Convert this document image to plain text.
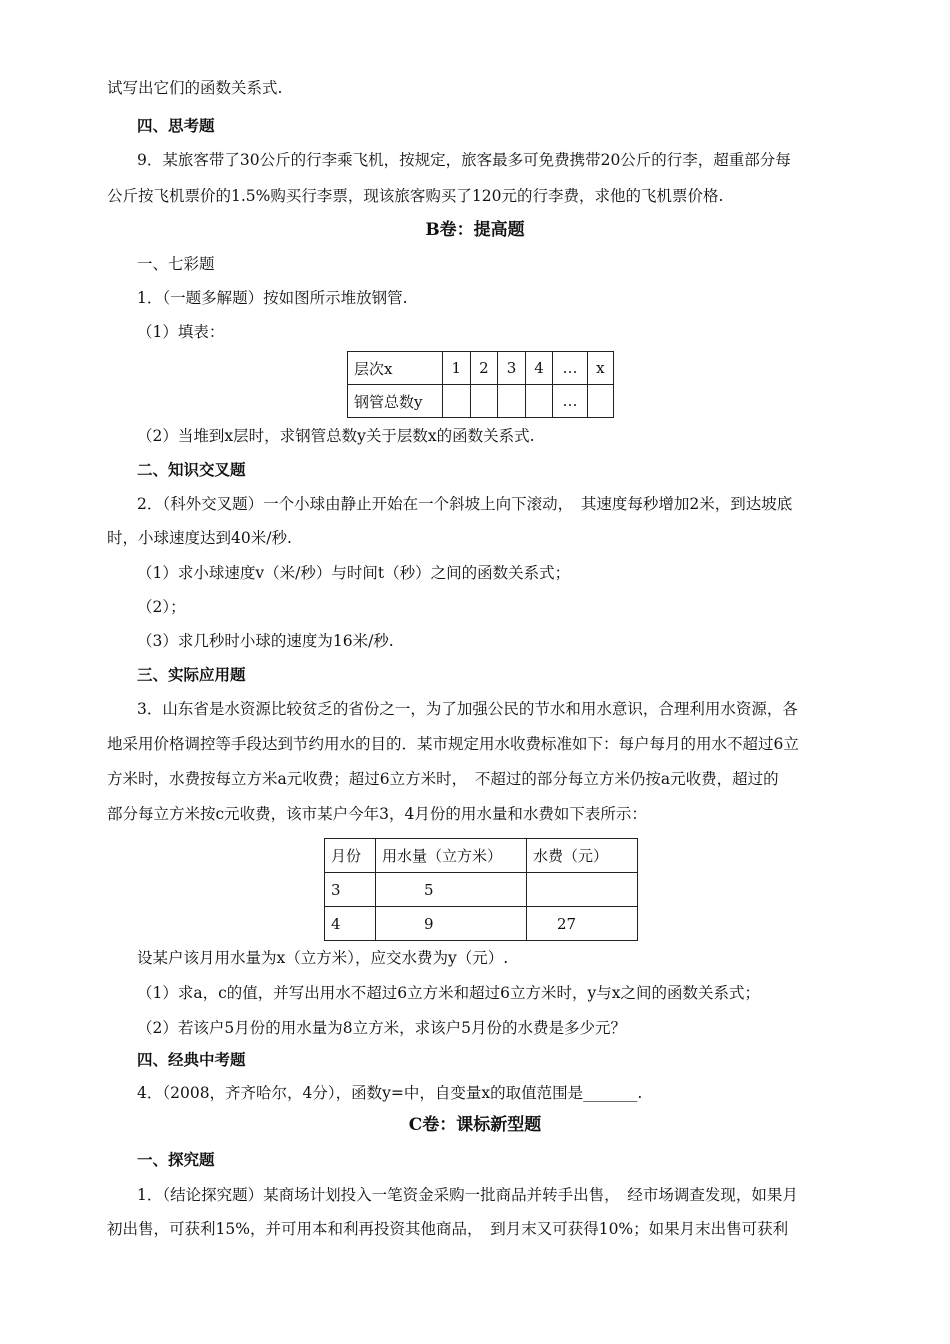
试写出它们的函数关系式.
四、思考题
9．某旅客带了30公斤的行李乘飞机，按规定，旅客最多可免费携带20公斤的行李，超重部分每
公斤按飞机票价的1.5%购买行李票，现该旅客购买了120元的行李费，求他的飞机票价格.
B卷：提高题
一、七彩题
1．（一题多解题）按如图所示堆放钢管.
（1）填表：
层次x	1	2	3	4	…	x
钢管总数y					…	
（2）当堆到x层时，求钢管总数y关于层数x的函数关系式.
二、知识交叉题
2．（科外交叉题）一个小球由静止开始在一个斜坡上向下滚动，　其速度每秒增加2米，到达坡底
时，小球速度达到40米/秒.
（1）求小球速度v（米/秒）与时间t（秒）之间的函数关系式；
（2）；
（3）求几秒时小球的速度为16米/秒.
三、实际应用题
3．山东省是水资源比较贫乏的省份之一，为了加强公民的节水和用水意识，合理利用水资源，各
地采用价格调控等手段达到节约用水的目的．某市规定用水收费标准如下：每户每月的用水不超过6立
方米时，水费按每立方米a元收费；超过6立方米时，　不超过的部分每立方米仍按a元收费，超过的
部分每立方米按c元收费，该市某户今年3，4月份的用水量和水费如下表所示：
月份	用水量（立方米）	水费（元）
3	5	
4	9	27
设某户该月用水量为x（立方米），应交水费为y（元）.
（1）求a，c的值，并写出用水不超过6立方米和超过6立方米时，y与x之间的函数关系式；
（2）若该户5月份的用水量为8立方米，求该户5月份的水费是多少元？
四、经典中考题
4．（2008，齐齐哈尔，4分），函数y=中，自变量x的取值范围是_______.
C卷：课标新型题
一、探究题
1．（结论探究题）某商场计划投入一笔资金采购一批商品并转手出售，　经市场调查发现，如果月
初出售，可获利15%，并可用本和利再投资其他商品，　到月末又可获得10%；如果月末出售可获利
